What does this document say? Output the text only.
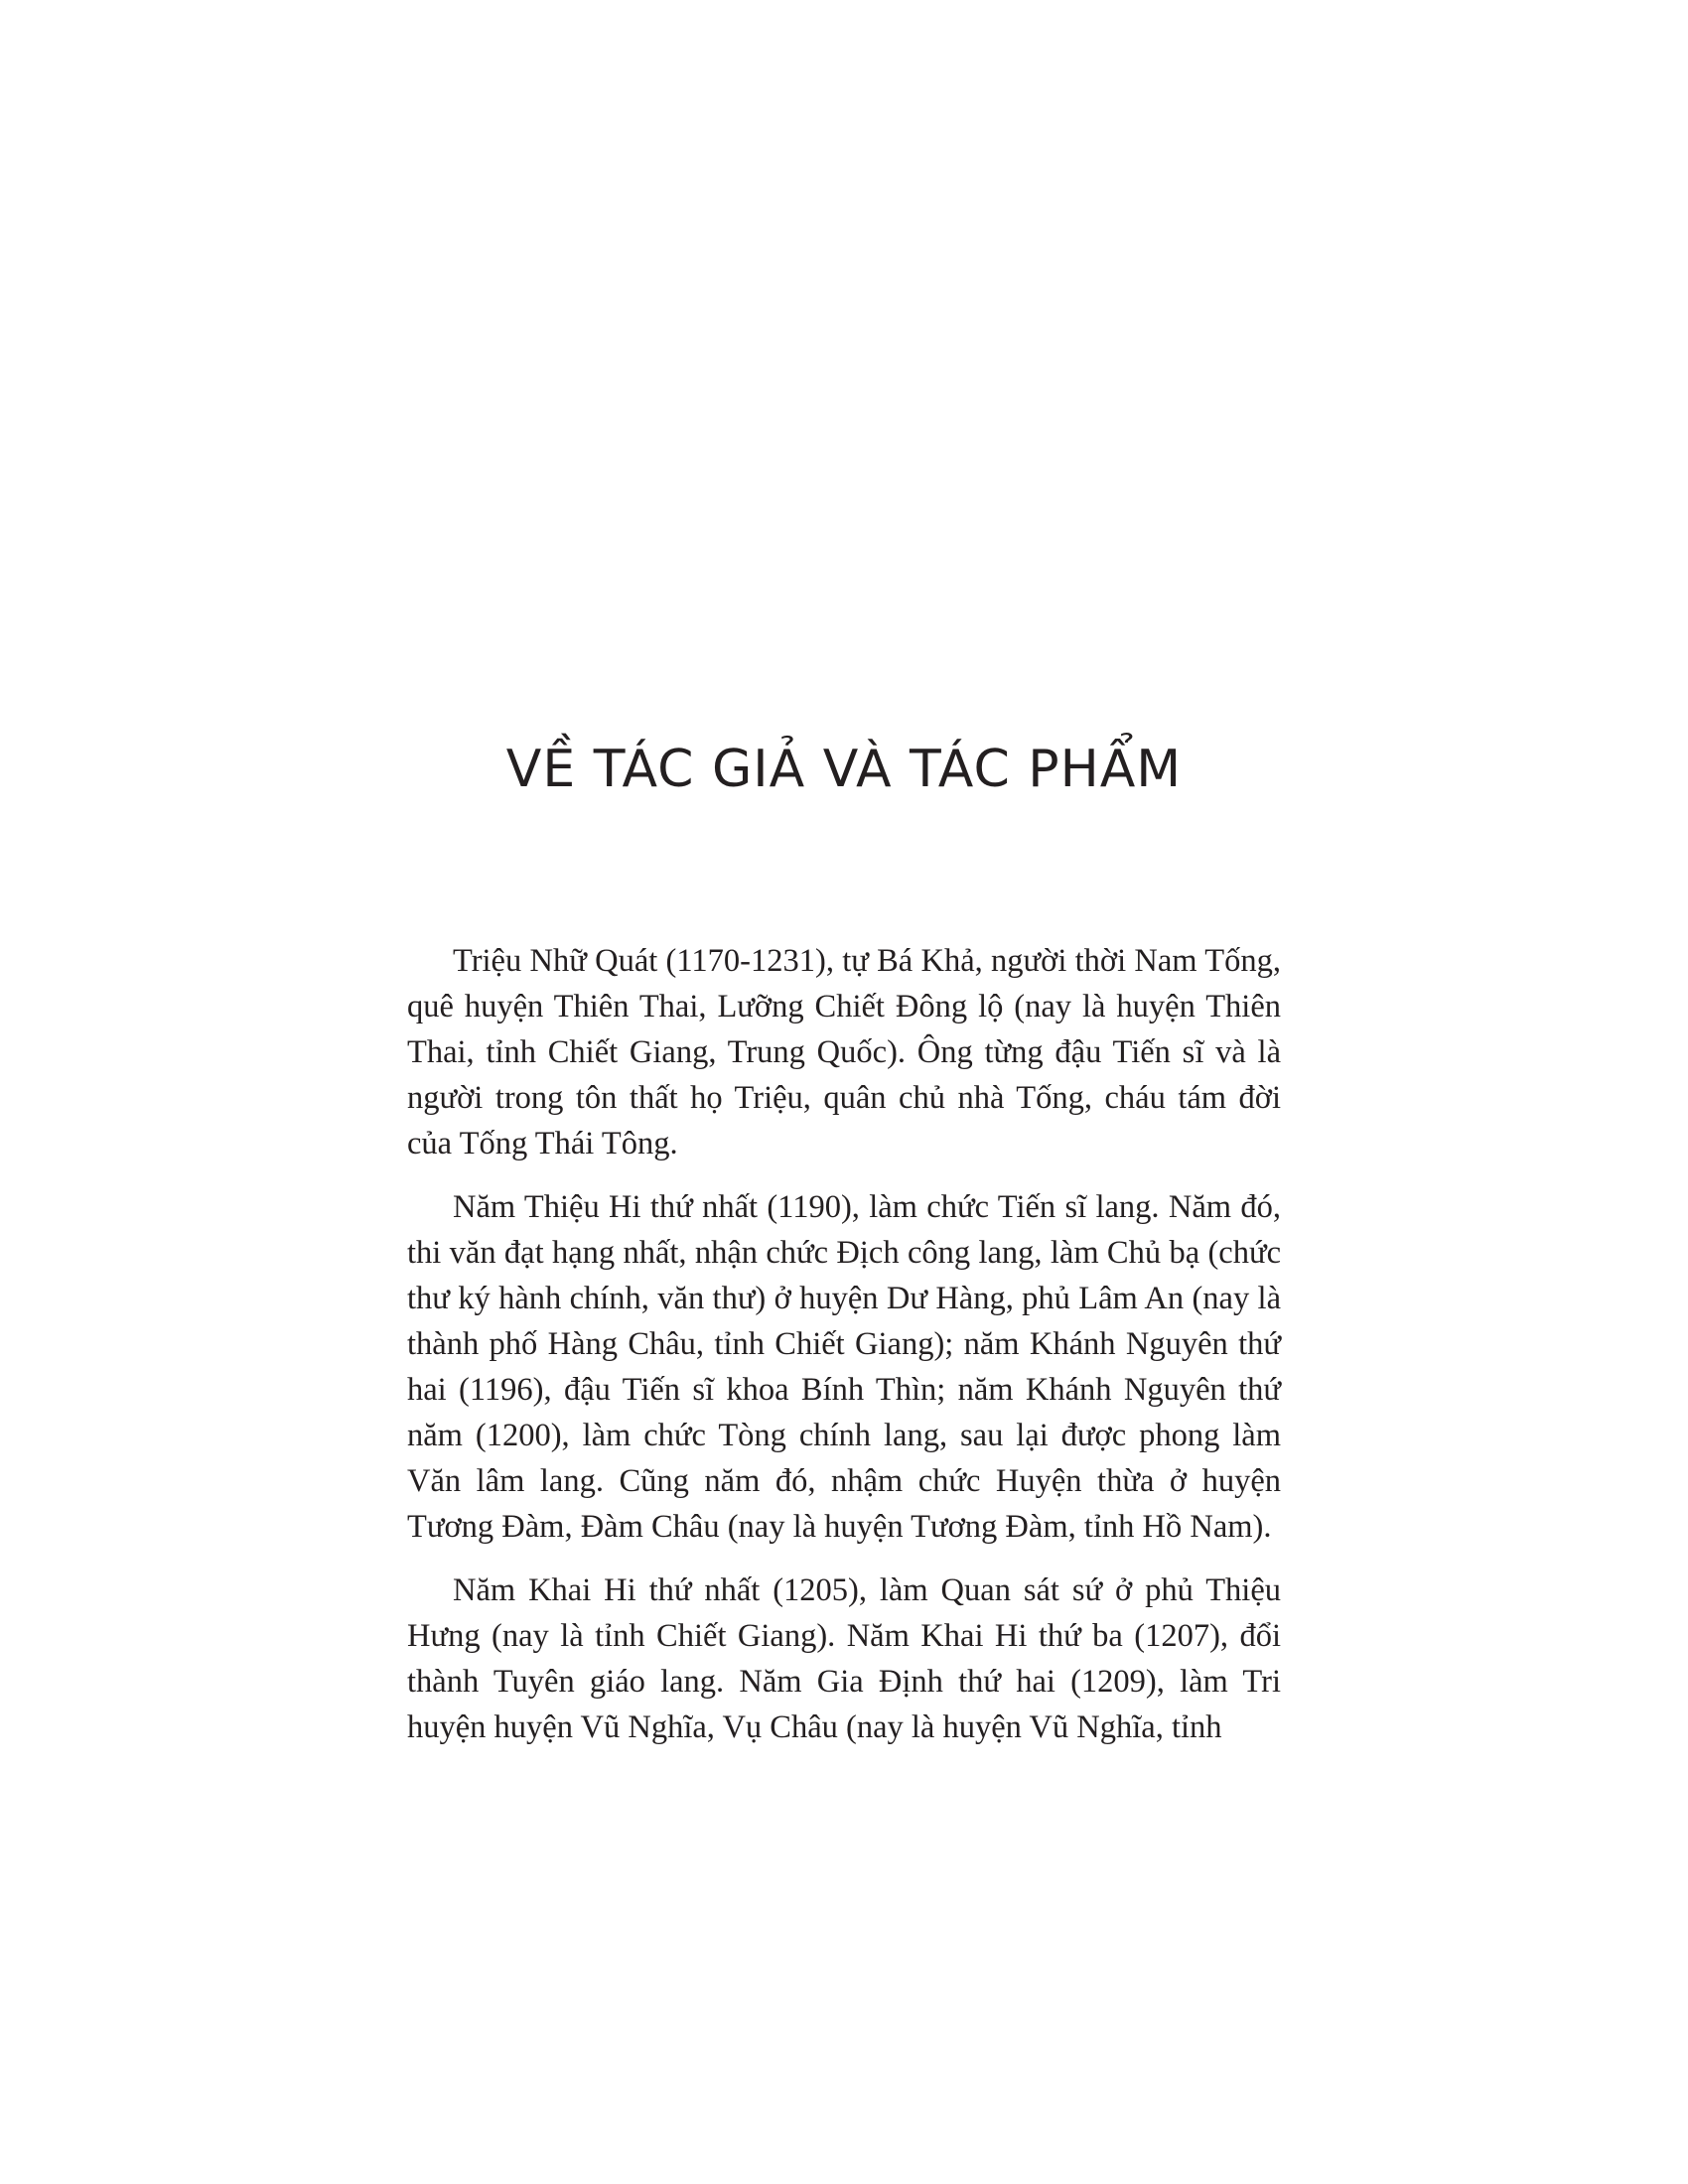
VỀ TÁC GIẢ VÀ TÁC PHẨM

Triệu Nhữ Quát (1170-1231), tự Bá Khả, người thời Nam Tống, quê huyện Thiên Thai, Lưỡng Chiết Đông lộ (nay là huyện Thiên Thai, tỉnh Chiết Giang, Trung Quốc). Ông từng đậu Tiến sĩ và là người trong tôn thất họ Triệu, quân chủ nhà Tống, cháu tám đời của Tống Thái Tông.

Năm Thiệu Hi thứ nhất (1190), làm chức Tiến sĩ lang. Năm đó, thi văn đạt hạng nhất, nhận chức Địch công lang, làm Chủ bạ (chức thư ký hành chính, văn thư) ở huyện Dư Hàng, phủ Lâm An (nay là thành phố Hàng Châu, tỉnh Chiết Giang); năm Khánh Nguyên thứ hai (1196), đậu Tiến sĩ khoa Bính Thìn; năm Khánh Nguyên thứ năm (1200), làm chức Tòng chính lang, sau lại được phong làm Văn lâm lang. Cũng năm đó, nhậm chức Huyện thừa ở huyện Tương Đàm, Đàm Châu (nay là huyện Tương Đàm, tỉnh Hồ Nam).

Năm Khai Hi thứ nhất (1205), làm Quan sát sứ ở phủ Thiệu Hưng (nay là tỉnh Chiết Giang). Năm Khai Hi thứ ba (1207), đổi thành Tuyên giáo lang. Năm Gia Định thứ hai (1209), làm Tri huyện huyện Vũ Nghĩa, Vụ Châu (nay là huyện Vũ Nghĩa, tỉnh
